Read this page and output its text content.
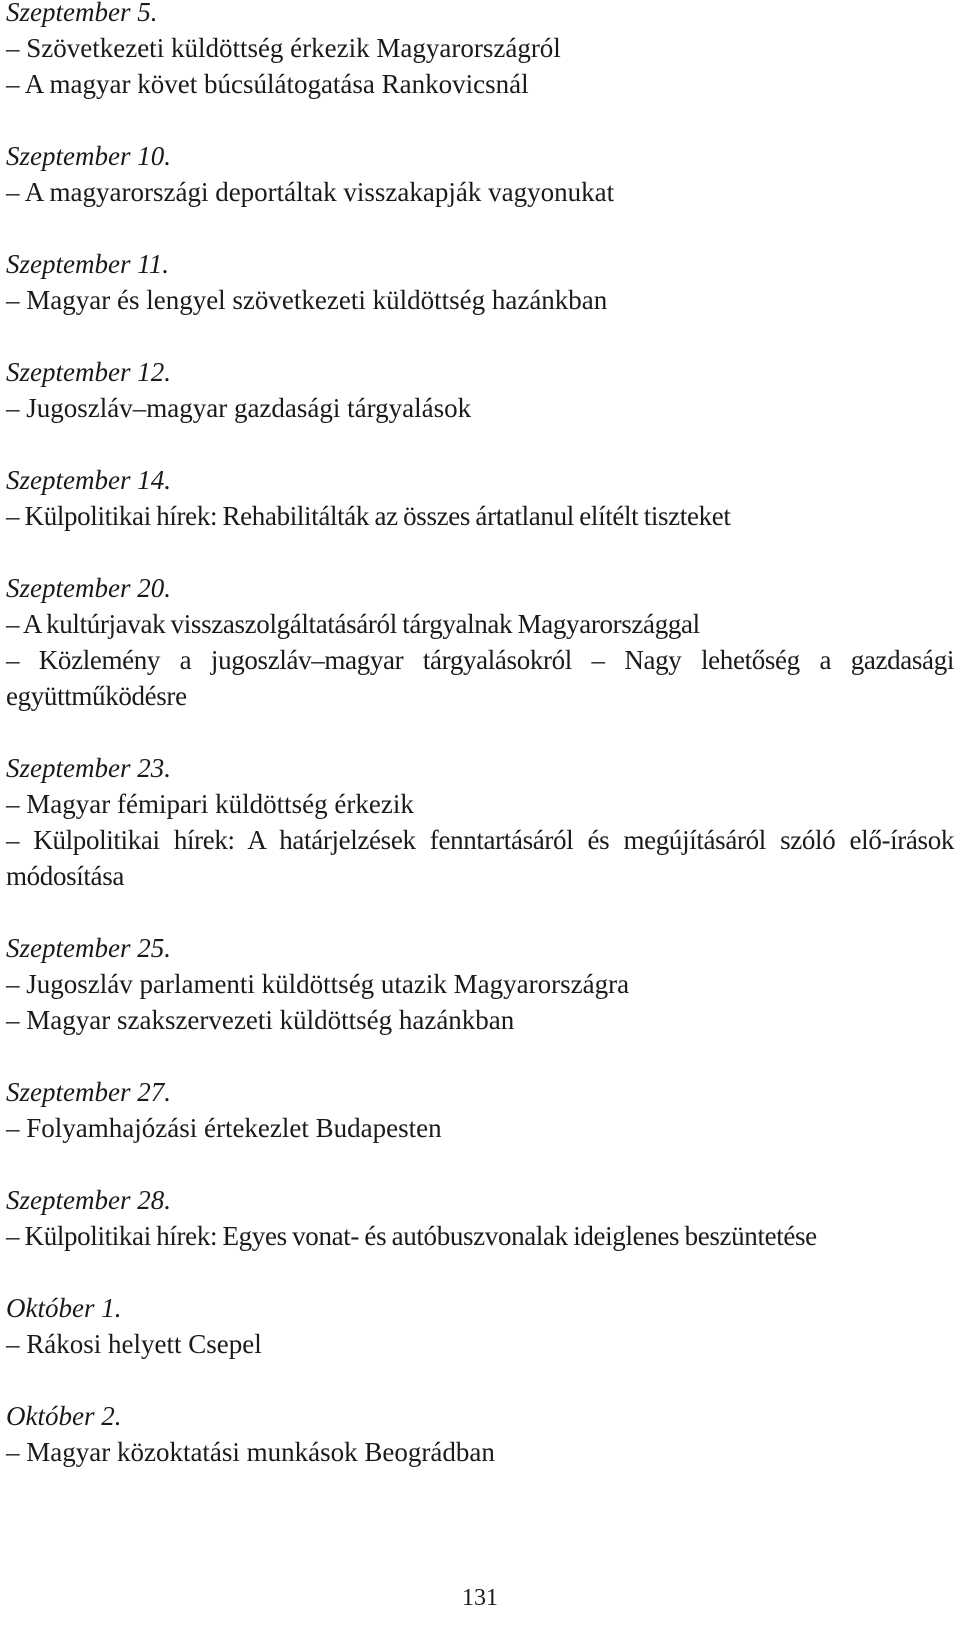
Szeptember 5.

– Szövetkezeti küldöttség érkezik Magyarországról

– A magyar követ búcsúlátogatása Rankovicsnál

Szeptember 10.

– A magyarországi deportáltak visszakapják vagyonukat

Szeptember 11.

– Magyar és lengyel szövetkezeti küldöttség hazánkban

Szeptember 12.

– Jugoszláv–magyar gazdasági tárgyalások

Szeptember 14.

– Külpolitikai hírek: Rehabilitálták az összes ártatlanul elítélt tiszteket

Szeptember 20.

– A kultúrjavak visszaszolgáltatásáról tárgyalnak Magyarországgal

– Közlemény a jugoszláv–magyar tárgyalásokról – Nagy lehetőség a gazdasági együttműködésre

Szeptember 23.

– Magyar fémipari küldöttség érkezik

– Külpolitikai hírek: A határjelzések fenntartásáról és megújításáról szóló elő-írások módosítása

Szeptember 25.

– Jugoszláv parlamenti küldöttség utazik Magyarországra

– Magyar szakszervezeti küldöttség hazánkban

Szeptember 27.

– Folyamhajózási értekezlet Budapesten

Szeptember 28.

– Külpolitikai hírek: Egyes vonat- és autóbuszvonalak ideiglenes beszüntetése

Október 1.

– Rákosi helyett Csepel

Október 2.

– Magyar közoktatási munkások Beográdban

131
